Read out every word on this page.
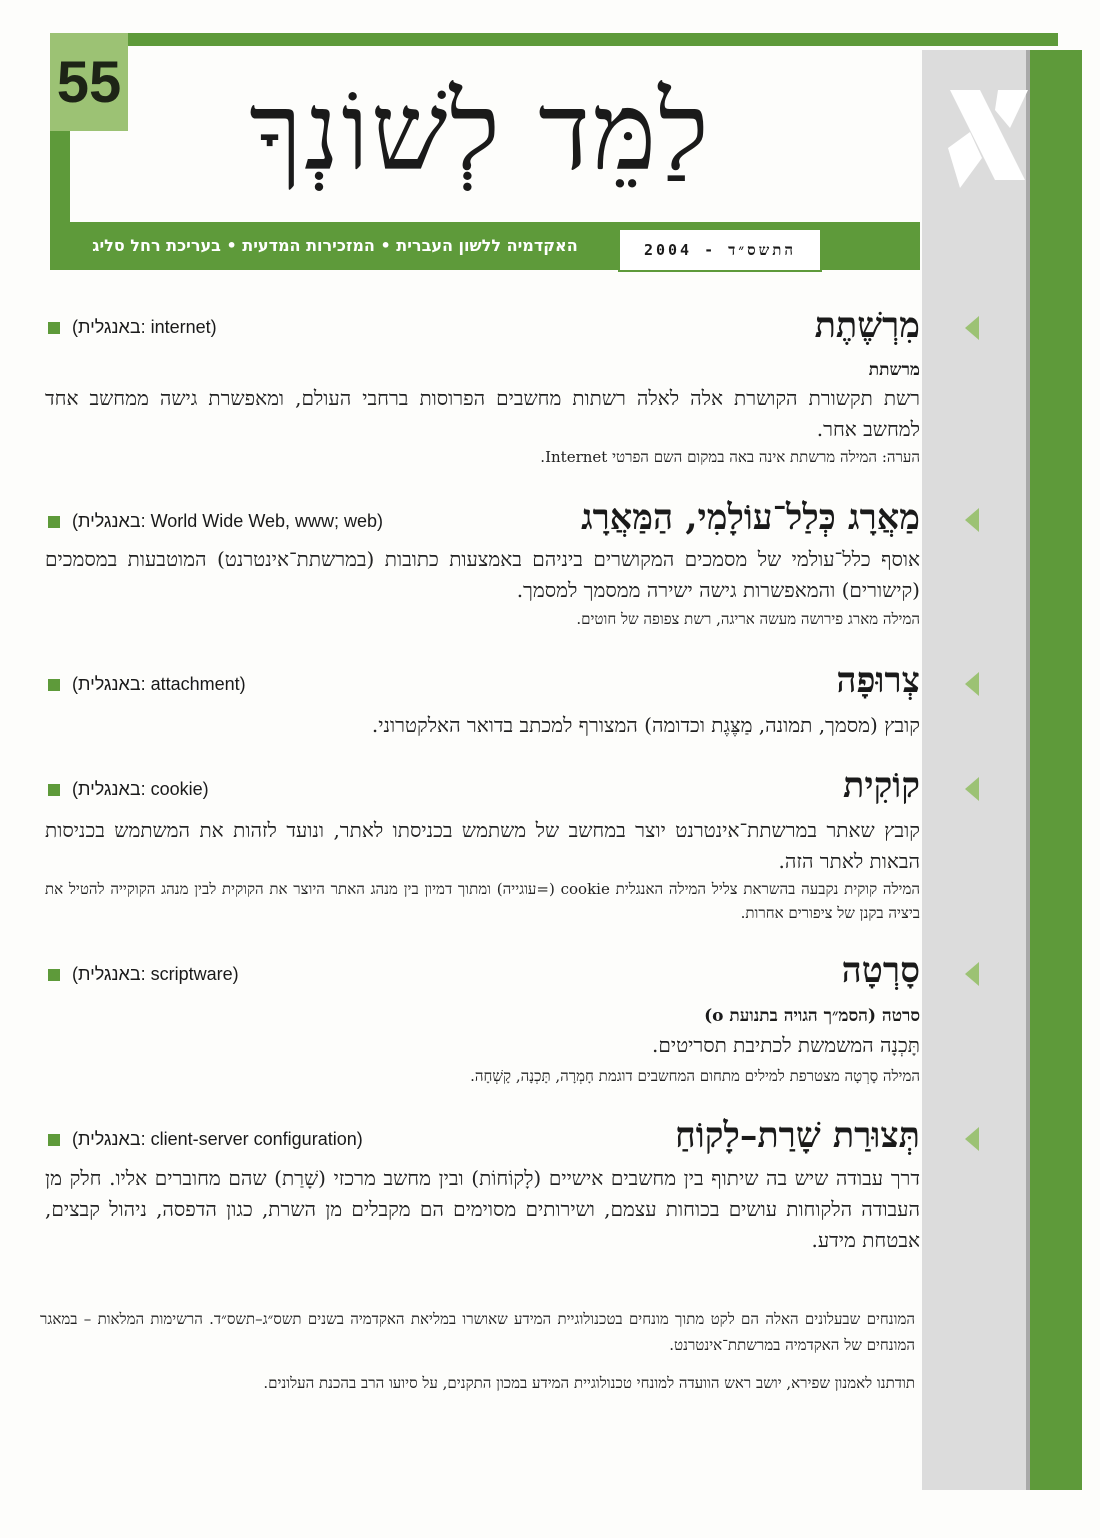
55	לַמֵּד לְשׁוֹנְךָ
האקדמיה ללשון העברית • המזכירות המדעית • בעריכת רחל סליג	התשס״ד - 2004
מִרְשֶׁתֶת
(באנגלית: internet)
מרשתת
רשת תקשורת הקושרת אלה לאלה רשתות מחשבים הפרוסות ברחבי העולם, ומאפשרת גישה ממחשב אחד למחשב אחר.
הערה: המילה מרשתת אינה באה במקום השם הפרטי Internet.
מַאֲרָג כְּלַל־עוֹלָמִי, הַמַּאֲרָג
(באנגלית: World Wide Web, www; web)
אוסף כלל־עולמי של מסמכים המקושרים ביניהם באמצעות כתובות (במרשתת־אינטרנט) המוטבעות במסמכים (קישורים) והמאפשרות גישה ישירה ממסמך למסמך.
המילה מארג פירושה מעשה אריגה, רשת צפופה של חוטים.
צְרוּפָה
(באנגלית: attachment)
קובץ (מסמך, תמונה, מַצֶּגֶת וכדומה) המצורף למכתב בדואר האלקטרוני.
קוֹקִית
(באנגלית: cookie)
קובץ שאתר במרשתת־אינטרנט יוצר במחשב של משתמש בכניסתו לאתר, ונועד לזהות את המשתמש בכניסות הבאות לאתר הזה.
המילה קוקית נקבעה בהשראת צליל המילה האנגלית cookie (=עוגייה) ומתוך דמיון בין מנהג האתר היוצר את הקוקית לבין מנהג הקוקייה להטיל את ביציה בקנן של ציפורים אחרות.
סָרְטָה
(באנגלית: scriptware)
סרטה (הסמ״ך הגויה בתנועת o)
תָּכְנָה המשמשת לכתיבת תסריטים.
המילה סָרְטָה מצטרפת למילים מתחום המחשבים דוגמת חָמְרָה, תָּכְנָה, קָשְׁחָה.
תְּצוּרַת שָׁרַת–לָקוֹחַ
(באנגלית: client-server configuration)
דרך עבודה שיש בה שיתוף בין מחשבים אישיים (לָקוֹחוֹת) ובין מחשב מרכזי (שָׁרַת) שהם מחוברים אליו. חלק מן העבודה הלקוחות עושים בכוחות עצמם, ושירותים מסוימים הם מקבלים מן השרת, כגון הדפסה, ניהול קבצים, אבטחת מידע.
המונחים שבעלונים האלה הם לקט מתוך מונחים בטכנולוגיית המידע שאושרו במליאת האקדמיה בשנים תשס״ג–תשס״ד. הרשימות המלאות – במאגר המונחים של האקדמיה במרשתת־אינטרנט.
תודתנו לאמנון שפירא, יושב ראש הוועדה למונחי טכנולוגיית המידע במכון התקנים, על סיועו הרב בהכנת העלונים.
